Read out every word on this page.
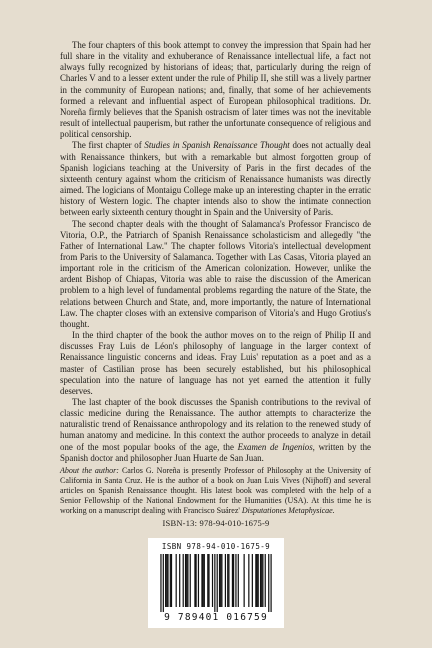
The four chapters of this book attempt to convey the impression that Spain had her full share in the vitality and exhuberance of Renaissance intellectual life, a fact not always fully recognized by historians of ideas; that, particularly during the reign of Charles V and to a lesser extent under the rule of Philip II, she still was a lively partner in the community of European nations; and, finally, that some of her achievements formed a relevant and influential aspect of European philosophical traditions. Dr. Noreña firmly believes that the Spanish ostracism of later times was not the inevitable result of intellectual pauperism, but rather the unfortunate consequence of religious and political censorship.

The first chapter of Studies in Spanish Renaissance Thought does not actually deal with Renaissance thinkers, but with a remarkable but almost forgotten group of Spanish logicians teaching at the University of Paris in the first decades of the sixteenth century against whom the criticism of Renaissance humanists was directly aimed. The logicians of Montaigu College make up an interesting chapter in the erratic history of Western logic. The chapter intends also to show the intimate connection between early sixteenth century thought in Spain and the University of Paris.

The second chapter deals with the thought of Salamanca's Professor Francisco de Vitoria, O.P., the Patriarch of Spanish Renaissance scholasticism and allegedly "the Father of International Law." The chapter follows Vitoria's intellectual development from Paris to the University of Salamanca. Together with Las Casas, Vitoria played an important role in the criticism of the American colonization. However, unlike the ardent Bishop of Chiapas, Vitoria was able to raise the discussion of the American problem to a high level of fundamental problems regarding the nature of the State, the relations between Church and State, and, more importantly, the nature of International Law. The chapter closes with an extensive comparison of Vitoria's and Hugo Grotius's thought.

In the third chapter of the book the author moves on to the reign of Philip II and discusses Fray Luis de Léon's philosophy of language in the larger context of Renaissance linguistic concerns and ideas. Fray Luis' reputation as a poet and as a master of Castilian prose has been securely established, but his philosophical speculation into the nature of language has not yet earned the attention it fully deserves.

The last chapter of the book discusses the Spanish contributions to the revival of classic medicine during the Renaissance. The author attempts to characterize the naturalistic trend of Renaissance anthropology and its relation to the renewed study of human anatomy and medicine. In this context the author proceeds to analyze in detail one of the most popular books of the age, the Examen de Ingenios, written by the Spanish doctor and philosopher Juan Huarte de San Juan.

About the author: Carlos G. Noreña is presently Professor of Philosophy at the University of California in Santa Cruz. He is the author of a book on Juan Luis Vives (Nijhoff) and several articles on Spanish Renaissance thought. His latest book was completed with the help of a Senior Fellowship of the National Endowment for the Humanities (USA). At this time he is working on a manuscript dealing with Francisco Suárez' Disputationes Metaphysicae.

ISBN-13: 978-94-010-1675-9
ISBN 978-94-010-1675-9
9 789401 016759
